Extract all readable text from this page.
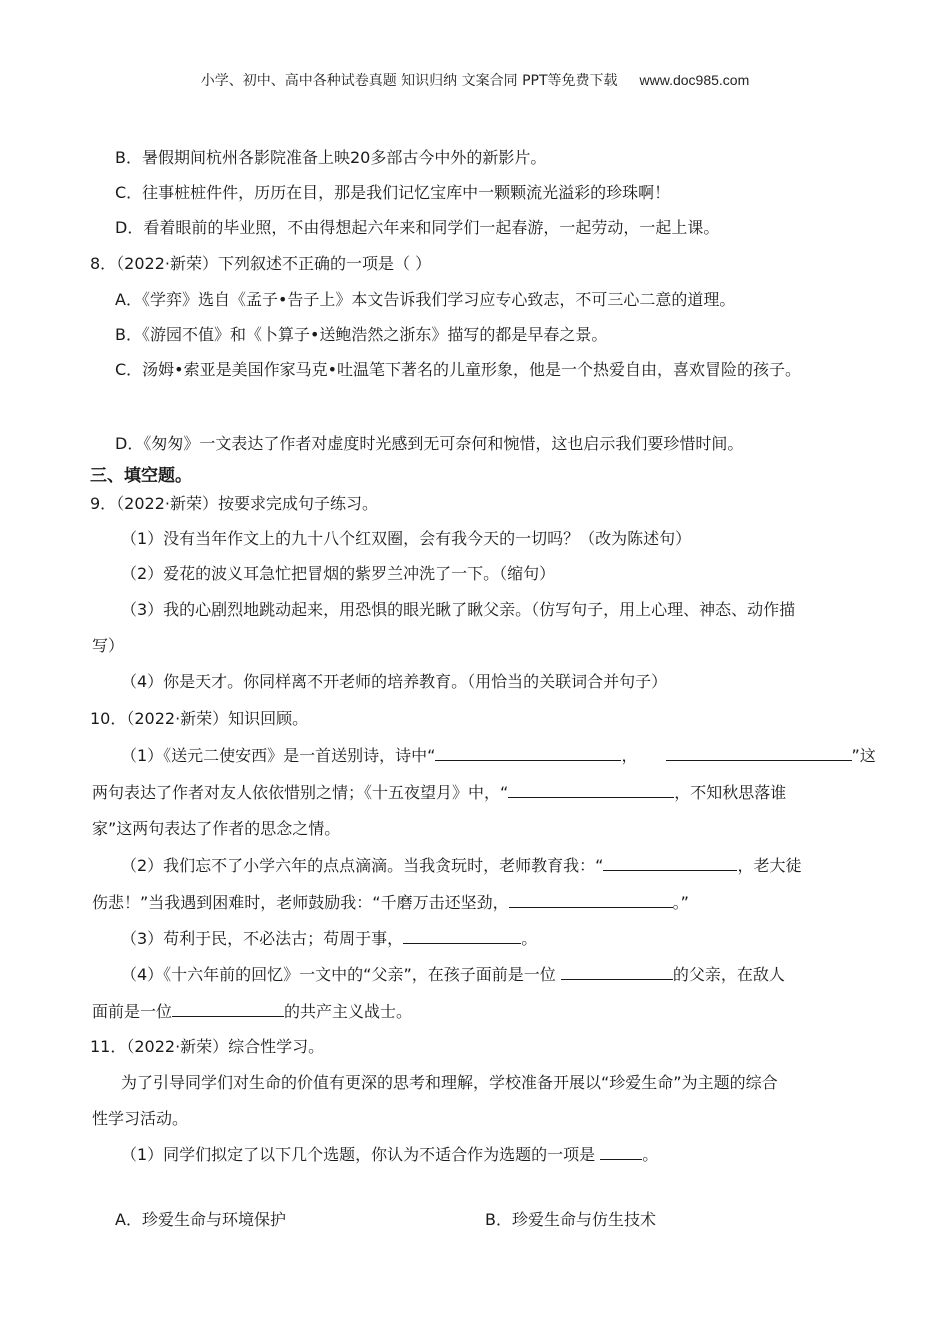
小学、初中、高中各种试卷真题 知识归纳 文案合同 PPT等免费下载 www.doc985.com
B．暑假期间杭州各影院准备上映20多部古今中外的新影片。
C．往事桩桩件件，历历在目，那是我们记忆宝库中一颗颗流光溢彩的珍珠啊！
D．看着眼前的毕业照，不由得想起六年来和同学们一起春游，一起劳动，一起上课。
8．（2022·新荣）下列叙述不正确的一项是（ ）
A．《学弈》选自《孟子•告子上》本文告诉我们学习应专心致志，不可三心二意的道理。
B．《游园不值》和《卜算子•送鲍浩然之浙东》描写的都是早春之景。
C．汤姆•索亚是美国作家马克•吐温笔下著名的儿童形象，他是一个热爱自由，喜欢冒险的孩子。
D．《匆匆》一文表达了作者对虚度时光感到无可奈何和惋惜，这也启示我们要珍惜时间。
三、填空题。
9．（2022·新荣）按要求完成句子练习。
（1）没有当年作文上的九十八个红双圈，会有我今天的一切吗？（改为陈述句）
（2）爱花的波义耳急忙把冒烟的紫罗兰冲洗了一下。（缩句）
（3）我的心剧烈地跳动起来，用恐惧的眼光瞅了瞅父亲。（仿写句子，用上心理、神态、动作描
写）
（4）你是天才。你同样离不开老师的培养教育。（用恰当的关联词合并句子）
10．（2022·新荣）知识回顾。
（1）《送元二使安西》是一首送别诗，诗中“	，	”这
两句表达了作者对友人依依惜别之情；《十五夜望月》中，“	，不知秋思落谁
家”这两句表达了作者的思念之情。
（2）我们忘不了小学六年的点点滴滴。当我贪玩时，老师教育我：“	，老大徒
伤悲！”当我遇到困难时，老师鼓励我：“千磨万击还坚劲，	。”
（3）苟利于民，不必法古；苟周于事，	。
（4）《十六年前的回忆》一文中的“父亲”，在孩子面前是一位	的父亲，在敌人
面前是一位	的共产主义战士。
11．（2022·新荣）综合性学习。
为了引导同学们对生命的价值有更深的思考和理解，学校准备开展以“珍爱生命”为主题的综合
性学习活动。
（1）同学们拟定了以下几个选题，你认为不适合作为选题的一项是	。
A．珍爱生命与环境保护	B．珍爱生命与仿生技术
